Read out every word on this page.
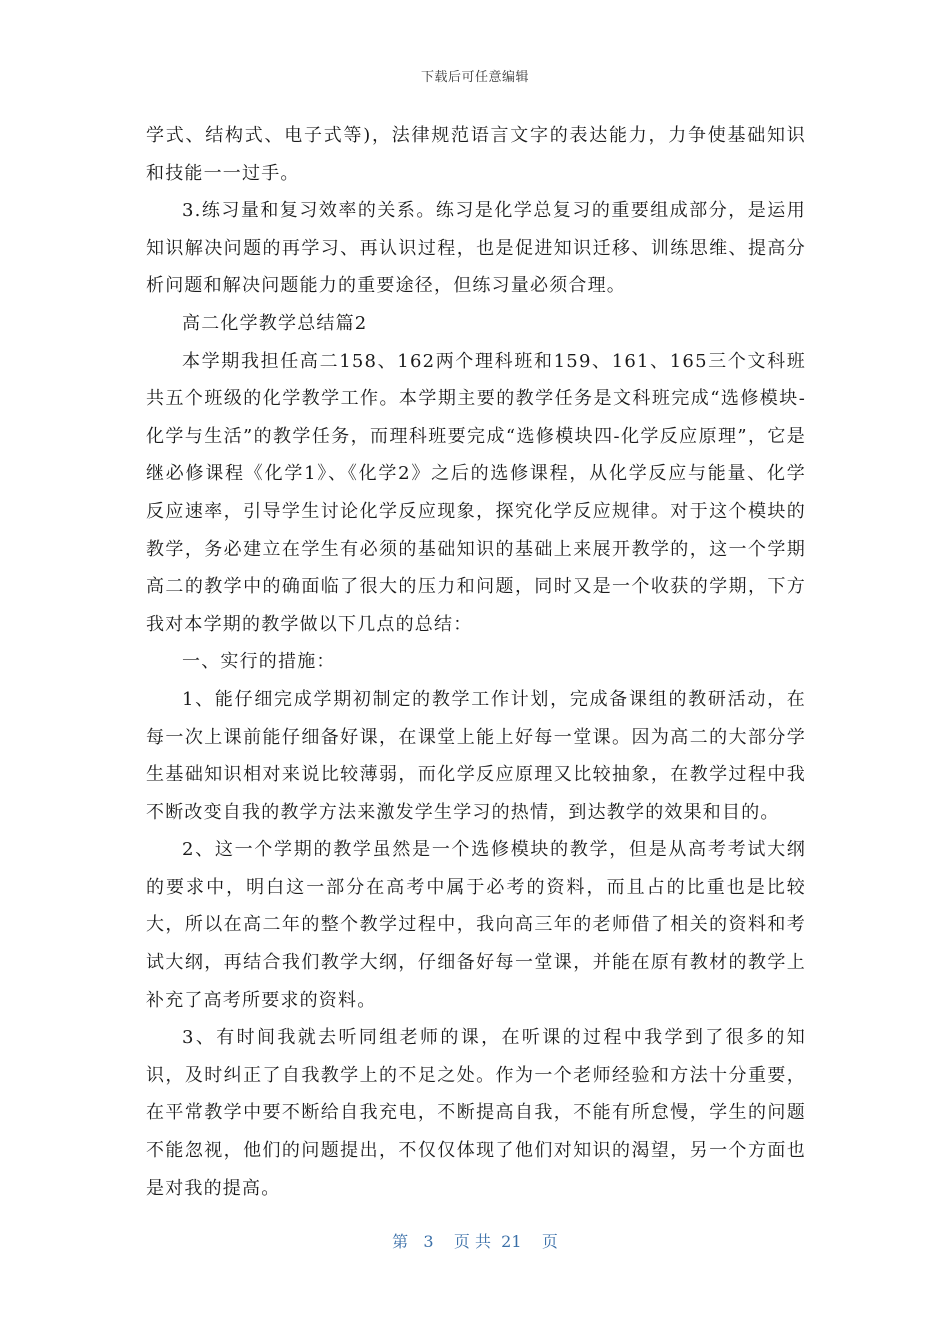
下载后可任意编辑

学式、结构式、电子式等)，法律规范语言文字的表达能力，力争使基础知识和技能一一过手。

3.练习量和复习效率的关系。练习是化学总复习的重要组成部分，是运用知识解决问题的再学习、再认识过程，也是促进知识迁移、训练思维、提高分析问题和解决问题能力的重要途径，但练习量必须合理。

高二化学教学总结篇2

本学期我担任高二158、162两个理科班和159、161、165三个文科班共五个班级的化学教学工作。本学期主要的教学任务是文科班完成“选修模块-化学与生活”的教学任务，而理科班要完成“选修模块四-化学反应原理”，它是继必修课程《化学1》、《化学2》之后的选修课程，从化学反应与能量、化学反应速率，引导学生讨论化学反应现象，探究化学反应规律。对于这个模块的教学，务必建立在学生有必须的基础知识的基础上来展开教学的，这一个学期高二的教学中的确面临了很大的压力和问题，同时又是一个收获的学期，下方我对本学期的教学做以下几点的总结：

一、实行的措施：

1、能仔细完成学期初制定的教学工作计划，完成备课组的教研活动，在每一次上课前能仔细备好课，在课堂上能上好每一堂课。因为高二的大部分学生基础知识相对来说比较薄弱，而化学反应原理又比较抽象，在教学过程中我不断改变自我的教学方法来激发学生学习的热情，到达教学的效果和目的。

2、这一个学期的教学虽然是一个选修模块的教学，但是从高考考试大纲的要求中，明白这一部分在高考中属于必考的资料，而且占的比重也是比较大，所以在高二年的整个教学过程中，我向高三年的老师借了相关的资料和考试大纲，再结合我们教学大纲，仔细备好每一堂课，并能在原有教材的教学上补充了高考所要求的资料。

3、有时间我就去听同组老师的课，在听课的过程中我学到了很多的知识，及时纠正了自我教学上的不足之处。作为一个老师经验和方法十分重要，在平常教学中要不断给自我充电，不断提高自我，不能有所怠慢，学生的问题不能忽视，他们的问题提出，不仅仅体现了他们对知识的渴望，另一个方面也是对我的提高。

第   3    页 共  21    页
